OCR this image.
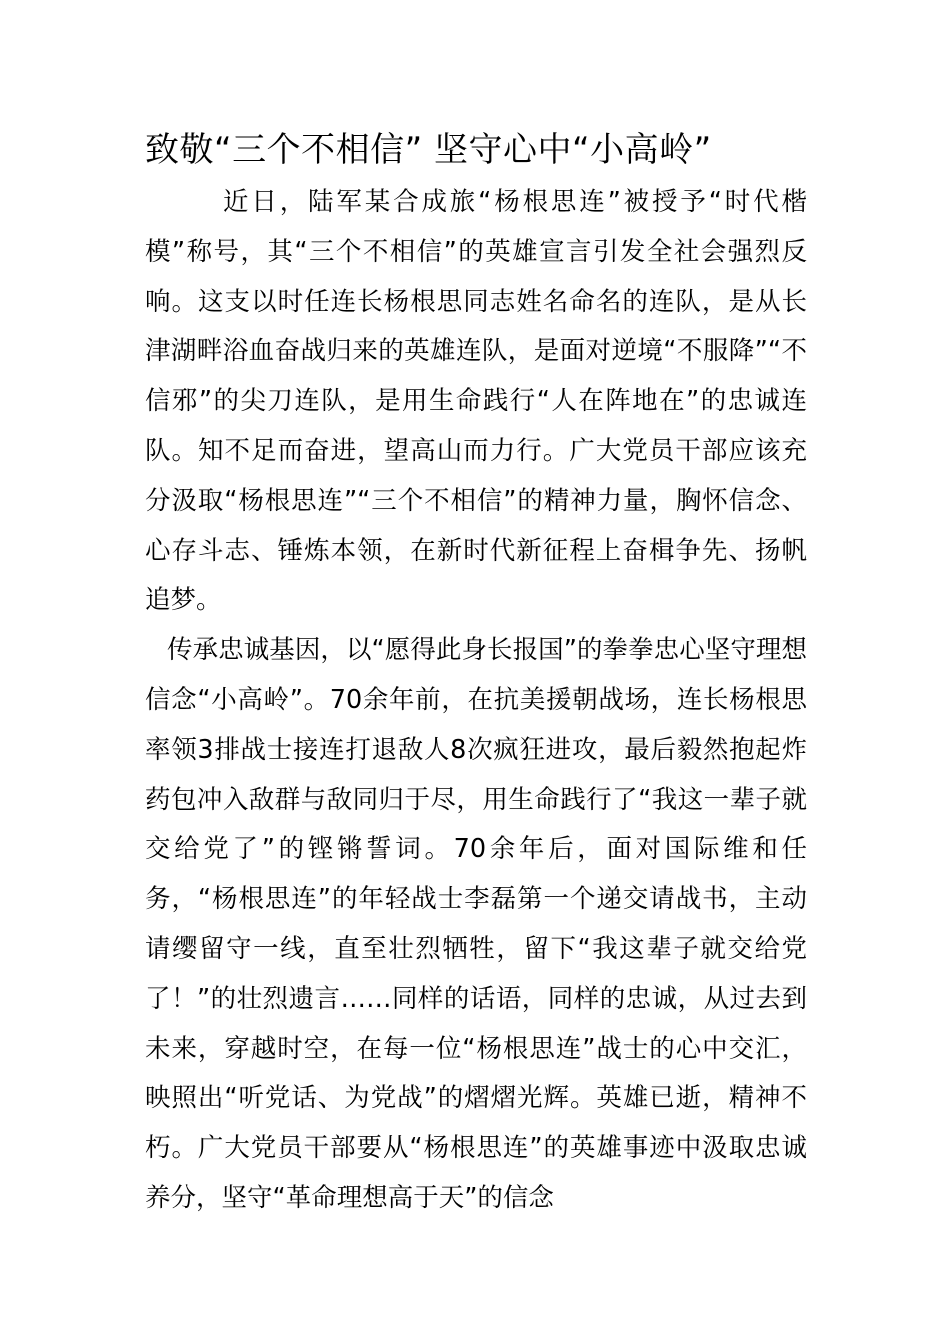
致敬“三个不相信” 坚守心中“小高岭”

近日，陆军某合成旅“杨根思连”被授予“时代楷模”称号，其“三个不相信”的英雄宣言引发全社会强烈反响。这支以时任连长杨根思同志姓名命名的连队，是从长津湖畔浴血奋战归来的英雄连队，是面对逆境“不服降”“不信邪”的尖刀连队，是用生命践行“人在阵地在”的忠诚连队。知不足而奋进，望高山而力行。广大党员干部应该充分汲取“杨根思连”“三个不相信”的精神力量，胸怀信念、心存斗志、锤炼本领，在新时代新征程上奋楫争先、扬帆追梦。

传承忠诚基因，以“愿得此身长报国”的拳拳忠心坚守理想信念“小高岭”。70余年前，在抗美援朝战场，连长杨根思率领3排战士接连打退敌人8次疯狂进攻，最后毅然抱起炸药包冲入敌群与敌同归于尽，用生命践行了“我这一辈子就交给党了”的铿锵誓词。70余年后，面对国际维和任务，“杨根思连”的年轻战士李磊第一个递交请战书，主动请缨留守一线，直至壮烈牺牲，留下“我这辈子就交给党了！”的壮烈遗言……同样的话语，同样的忠诚，从过去到未来，穿越时空，在每一位“杨根思连”战士的心中交汇，映照出“听党话、为党战”的熠熠光辉。英雄已逝，精神不朽。广大党员干部要从“杨根思连”的英雄事迹中汲取忠诚养分，坚守“革命理想高于天”的信念
